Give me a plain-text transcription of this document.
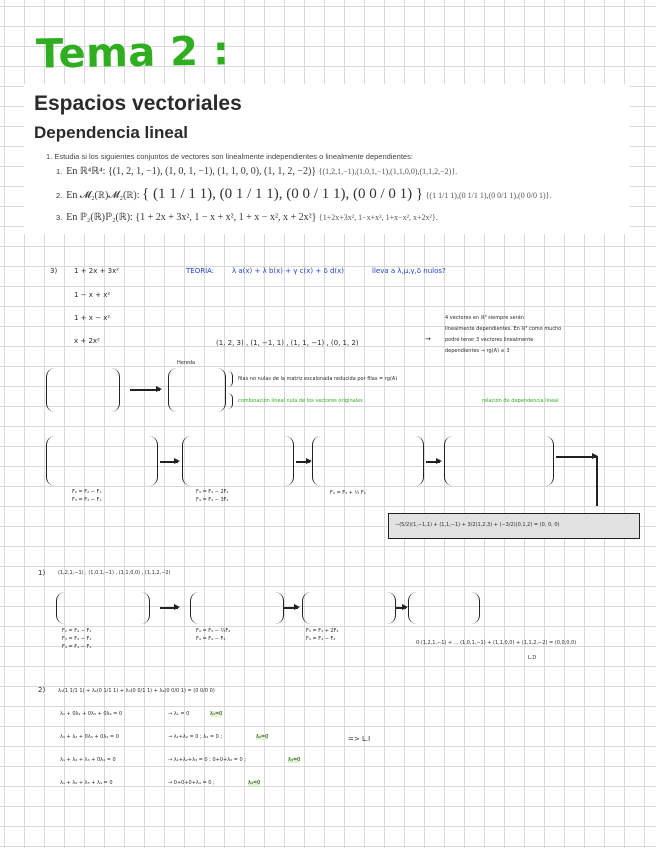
Tema 2 :
Espacios vectoriales
Dependencia lineal
1. Estudia si los siguientes conjuntos de vectores son linealmente independientes o linealmente dependientes:
1. En ℝ⁴ℝ⁴: {(1, 2, 1, −1), (1, 0, 1, −1), (1, 1, 0, 0), (1, 1, 2, −2)} {(1,2,1,−1),(1,0,1,−1),(1,1,0,0),(1,1,2,−2)}.
2. En 𝓜₂(ℝ)𝓜₂(ℝ): { (1 1 / 1 1), (0 1 / 1 1), (0 0 / 1 1), (0 0 / 0 1) } {(1 1/1 1),(0 1/1 1),(0 0/1 1),(0 0/0 1)}.
3. En ℙ₂(ℝ)ℙ₂(ℝ): {1 + 2x + 3x², 1 − x + x², 1 + x − x², x + 2x²} {1+2x+3x², 1−x+x², 1+x−x², x+2x²}.
3) 1 + 2x + 3x²
1 − x + x²
1 + x − x²
x + 2x²
TEORÍA:	λ a(x) + λ b(x) + γ c(x) + δ d(x)	lleva a λ,μ,γ,δ nulos?
(1, 2, 3) , (1, −1, 1) , (1, 1, −1) , (0, 1, 2)	→
4 vectores en ℝ³ siempre serán
linealmente dependientes. En ℝ³ como mucho
podré tener 3 vectores linealmente
dependientes → rg(A) ≤ 3
Hereda
filas no nulas de la matriz escalonada reducida por filas = rg(A)
combinación lineal nula de los vectores originales	relación de dependencia lineal
F₂ = F₂ − F₁
F₃ = F₃ − F₁
F₃ = F₃ − 2F₂
F₄ = F₄ − 3F₂
F₃ = F₃ + ½ F₂
−(5/2)(1,−1,1) + (1,1,−1) + 3/2(1,2,3) + (−3/2)(0,1,2) = (0, 0, 0)
1)	(1,2,1,−1) , (1,0,1,−1) , (1,1,0,0) , (1,1,2,−2)
F₂ = F₂ − F₁
F₃ = F₃ − F₁
F₄ = F₄ − F₁
F₃ = F₃ − ½F₂
F₄ = F₄ − F₂
F₃ = F₃ + 2F₂
F₄ = F₄ − F₂
0·(1,2,1,−1) + ... (1,0,1,−1) + (1,1,0,0) + (1,1,2,−2) = (0,0,0,0)
L.D
2)	λ₁(1 1/1 1) + λ₂(0 1/1 1) + λ₃(0 0/1 1) + λ₄(0 0/0 1) = (0 0/0 0)
λ₁ + 0λ₂ + 0λ₃ + 0λ₄ = 0	→ λ₁ = 0	λ₁=0
λ₁ + λ₂ + 0λ₃ + 0λ₄ = 0	→ λ₁+λ₂ = 0 ; λ₂ = 0 ;	λ₂=0
λ₁ + λ₂ + λ₃ + 0λ₄ = 0	→ λ₁+λ₂+λ₃ = 0 ; 0+0+λ₃ = 0 ;	λ₃=0
λ₁ + λ₂ + λ₃ + λ₄ = 0	→ 0+0+0+λ₄ = 0 ;	λ₄=0
=> L.I
